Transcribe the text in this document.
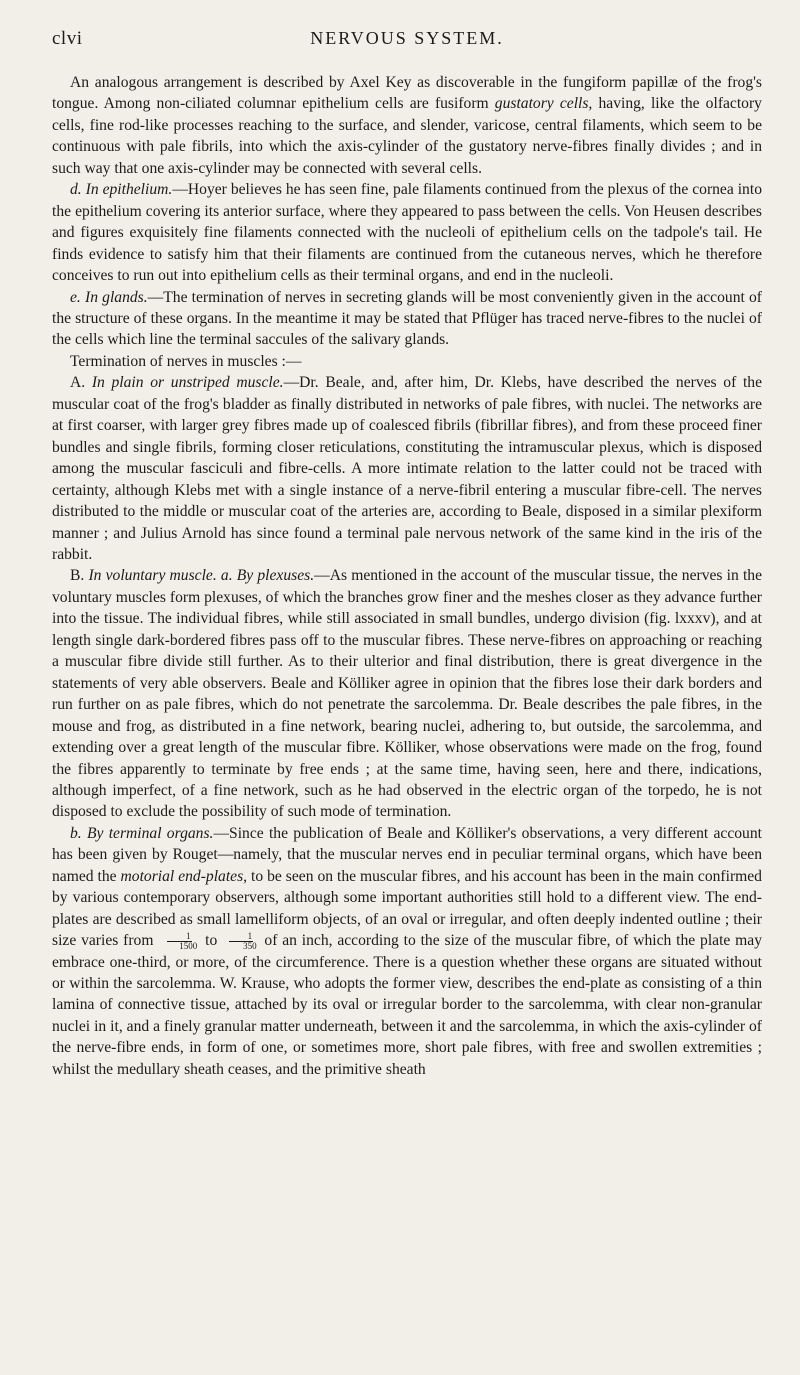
clvi	NERVOUS SYSTEM.

An analogous arrangement is described by Axel Key as discoverable in the fungiform papillæ of the frog's tongue. Among non-ciliated columnar epithelium cells are fusiform gustatory cells, having, like the olfactory cells, fine rod-like processes reaching to the surface, and slender, varicose, central filaments, which seem to be continuous with pale fibrils, into which the axis-cylinder of the gustatory nerve-fibres finally divides ; and in such way that one axis-cylinder may be connected with several cells.

d. In epithelium.—Hoyer believes he has seen fine, pale filaments continued from the plexus of the cornea into the epithelium covering its anterior surface, where they appeared to pass between the cells. Von Heusen describes and figures exquisitely fine filaments connected with the nucleoli of epithelium cells on the tadpole's tail. He finds evidence to satisfy him that their filaments are continued from the cutaneous nerves, which he therefore conceives to run out into epithelium cells as their terminal organs, and end in the nucleoli.

e. In glands.—The termination of nerves in secreting glands will be most conveniently given in the account of the structure of these organs. In the meantime it may be stated that Pflüger has traced nerve-fibres to the nuclei of the cells which line the terminal saccules of the salivary glands.

Termination of nerves in muscles :—

A. In plain or unstriped muscle.—Dr. Beale, and, after him, Dr. Klebs, have described the nerves of the muscular coat of the frog's bladder as finally distributed in networks of pale fibres, with nuclei. The networks are at first coarser, with larger grey fibres made up of coalesced fibrils (fibrillar fibres), and from these proceed finer bundles and single fibrils, forming closer reticulations, constituting the intramuscular plexus, which is disposed among the muscular fasciculi and fibre-cells. A more intimate relation to the latter could not be traced with certainty, although Klebs met with a single instance of a nerve-fibril entering a muscular fibre-cell. The nerves distributed to the middle or muscular coat of the arteries are, according to Beale, disposed in a similar plexiform manner ; and Julius Arnold has since found a terminal pale nervous network of the same kind in the iris of the rabbit.

B. In voluntary muscle. a. By plexuses.—As mentioned in the account of the muscular tissue, the nerves in the voluntary muscles form plexuses, of which the branches grow finer and the meshes closer as they advance further into the tissue. The individual fibres, while still associated in small bundles, undergo division (fig. lxxxv), and at length single dark-bordered fibres pass off to the muscular fibres. These nerve-fibres on approaching or reaching a muscular fibre divide still further. As to their ulterior and final distribution, there is great divergence in the statements of very able observers. Beale and Kölliker agree in opinion that the fibres lose their dark borders and run further on as pale fibres, which do not penetrate the sarcolemma. Dr. Beale describes the pale fibres, in the mouse and frog, as distributed in a fine network, bearing nuclei, adhering to, but outside, the sarcolemma, and extending over a great length of the muscular fibre. Kölliker, whose observations were made on the frog, found the fibres apparently to terminate by free ends ; at the same time, having seen, here and there, indications, although imperfect, of a fine network, such as he had observed in the electric organ of the torpedo, he is not disposed to exclude the possibility of such mode of termination.

b. By terminal organs.—Since the publication of Beale and Kölliker's observations, a very different account has been given by Rouget—namely, that the muscular nerves end in peculiar terminal organs, which have been named the motorial end-plates, to be seen on the muscular fibres, and his account has been in the main confirmed by various contemporary observers, although some important authorities still hold to a different view. The end-plates are described as small lamelliform objects, of an oval or irregular, and often deeply indented outline ; their size varies from $\frac{1}{1500}$ to $\frac{1}{350}$ of an inch, according to the size of the muscular fibre, of which the plate may embrace one-third, or more, of the circumference. There is a question whether these organs are situated without or within the sarcolemma. W. Krause, who adopts the former view, describes the end-plate as consisting of a thin lamina of connective tissue, attached by its oval or irregular border to the sarcolemma, with clear non-granular nuclei in it, and a finely granular matter underneath, between it and the sarcolemma, in which the axis-cylinder of the nerve-fibre ends, in form of one, or sometimes more, short pale fibres, with free and swollen extremities ; whilst the medullary sheath ceases, and the primitive sheath
